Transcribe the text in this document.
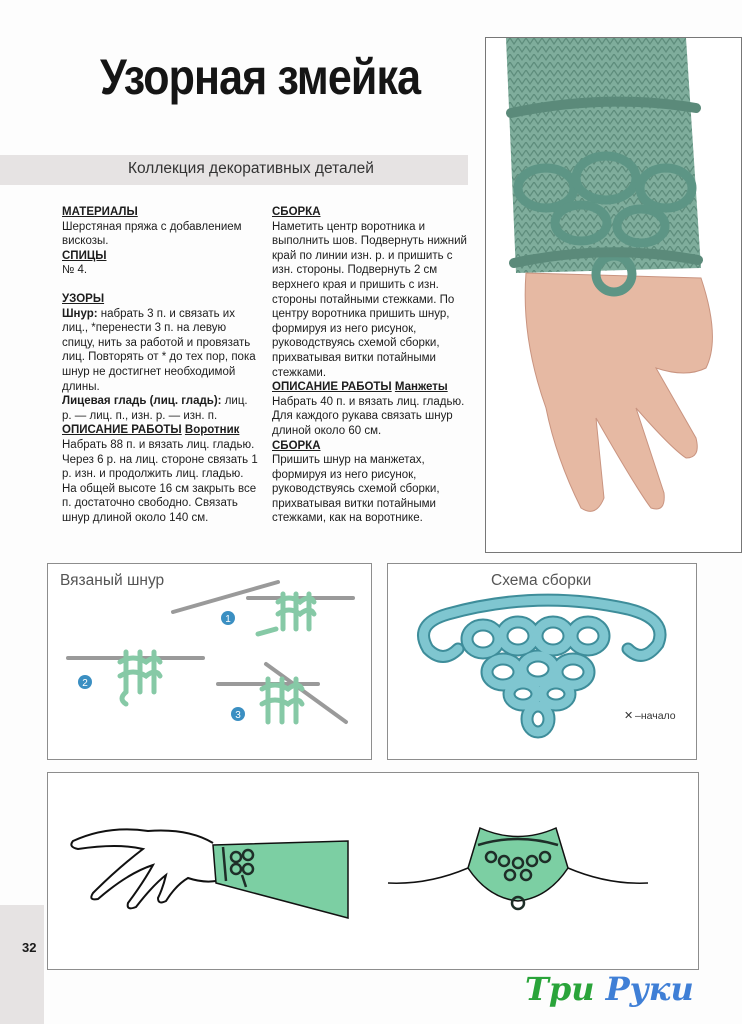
Узорная змейка
Коллекция декоративных деталей
МАТЕРИАЛЫ

Шерстяная пряжа с добавлением вискозы.

СПИЦЫ

№ 4.

УЗОРЫ

Шнур: набрать 3 п. и связать их лиц., *перенести 3 п. на левую спицу, нить за работой и провязать лиц. Повторять от * до тех пор, пока шнур не достигнет необходимой длины.

Лицевая гладь (лиц. гладь): лиц. р. — лиц. п., изн. р. — изн. п.

ОПИСАНИЕ РАБОТЫ Воротник

Набрать 88 п. и вязать лиц. гладью. Через 6 р. на лиц. стороне связать 1 р. изн. и продолжить лиц. гладью. На общей высоте 16 см закрыть все п. достаточно свободно. Связать шнур длиной около 140 см.

СБОРКА

Наметить центр воротника и выполнить шов. Подвернуть нижний край по линии изн. р. и пришить с изн. стороны. Подвернуть 2 см верхнего края и пришить с изн. стороны потайными стежками. По центру воротника пришить шнур, формируя из него рисунок, руководствуясь схемой сборки, прихватывая витки потайными стежками.

ОПИСАНИЕ РАБОТЫ Манжеты

Набрать 40 п. и вязать лиц. гладью. Для каждого рукава связать шнур длиной около 60 см.

СБОРКА

Пришить шнур на манжетах, формируя из него рисунок, руководствуясь схемой сборки, прихватывая витки потайными стежками, как на воротнике.

Вязаный шнур
1
2
3
Схема сборки
✕ –начало
32
Три Руки
